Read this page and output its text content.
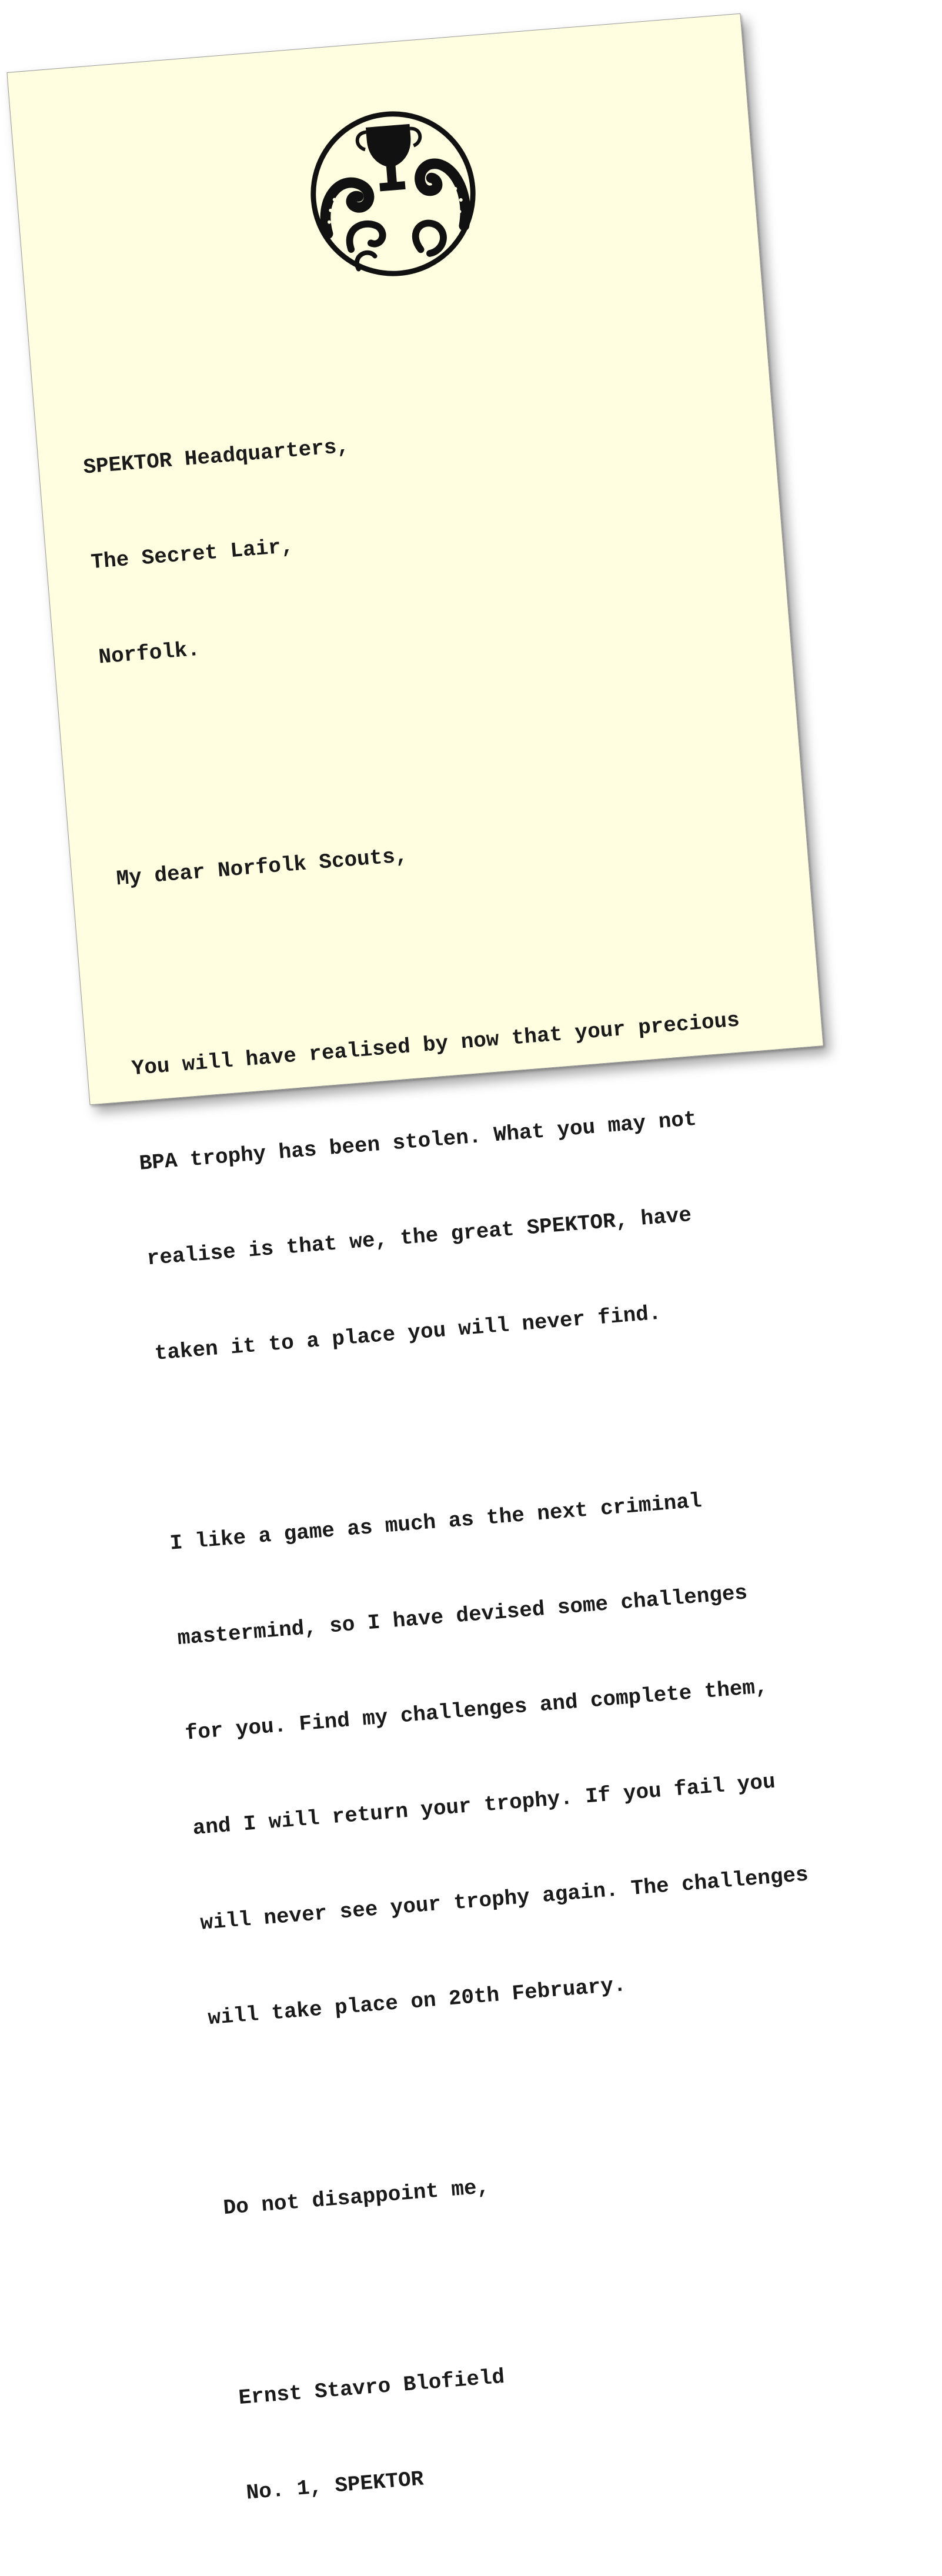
SPEKTOR Headquarters,

The Secret Lair,

Norfolk.

My dear Norfolk Scouts,

You will have realised by now that your precious

BPA trophy has been stolen. What you may not

realise is that we, the great SPEKTOR, have

taken it to a place you will never find.

I like a game as much as the next criminal

mastermind, so I have devised some challenges

for you. Find my challenges and complete them,

and I will return your trophy. If you fail you

will never see your trophy again. The challenges

will take place on 20th February.

Do not disappoint me,

Ernst Stavro Blofield

No. 1, SPEKTOR
